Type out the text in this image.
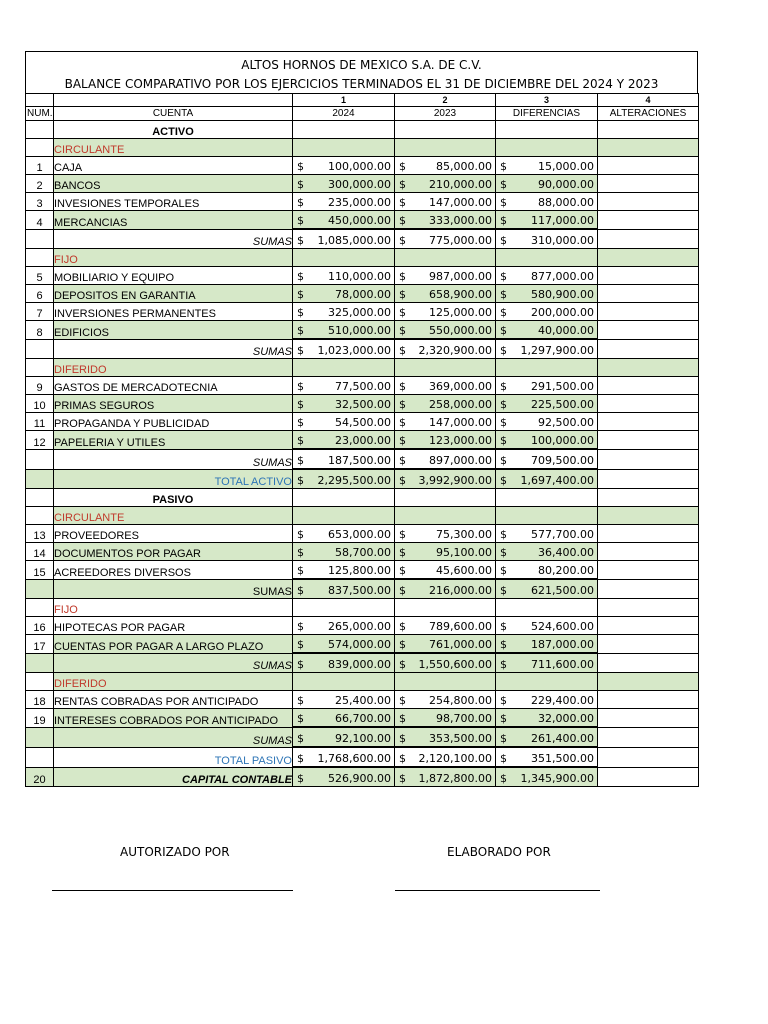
ALTOS HORNOS DE MEXICO S.A. DE C.V.
BALANCE COMPARATIVO POR LOS EJERCICIOS TERMINADOS EL 31 DE DICIEMBRE DEL 2024 Y 2023
		1	2	3	4
NUM.	CUENTA	2024	2023	DIFERENCIAS	ALTERACIONES
	ACTIVO				
	CIRCULANTE				
1	CAJA	$ 100,000.00	$ 85,000.00	$ 15,000.00	

2	BANCOS	$ 300,000.00	$ 210,000.00	$ 90,000.00	

3	INVESIONES TEMPORALES	$ 235,000.00	$ 147,000.00	$ 88,000.00	

4	MERCANCIAS	$ 450,000.00	$ 333,000.00	$ 117,000.00	

	SUMAS	$ 1,085,000.00	$ 775,000.00	$ 310,000.00	

	FIJO				
5	MOBILIARIO Y EQUIPO	$ 110,000.00	$ 987,000.00	$ 877,000.00	

6	DEPOSITOS EN GARANTIA	$ 78,000.00	$ 658,900.00	$ 580,900.00	

7	INVERSIONES PERMANENTES	$ 325,000.00	$ 125,000.00	$ 200,000.00	

8	EDIFICIOS	$ 510,000.00	$ 550,000.00	$ 40,000.00	

	SUMAS	$ 1,023,000.00	$ 2,320,900.00	$ 1,297,900.00	

	DIFERIDO				
9	GASTOS DE MERCADOTECNIA	$ 77,500.00	$ 369,000.00	$ 291,500.00	

10	PRIMAS SEGUROS	$ 32,500.00	$ 258,000.00	$ 225,500.00	

11	PROPAGANDA Y PUBLICIDAD	$ 54,500.00	$ 147,000.00	$ 92,500.00	

12	PAPELERIA Y UTILES	$ 23,000.00	$ 123,000.00	$ 100,000.00	

	SUMAS	$ 187,500.00	$ 897,000.00	$ 709,500.00	

	TOTAL ACTIVO	$ 2,295,500.00	$ 3,992,900.00	$ 1,697,400.00	

	PASIVO				
	CIRCULANTE				
13	PROVEEDORES	$ 653,000.00	$ 75,300.00	$ 577,700.00	

14	DOCUMENTOS POR PAGAR	$ 58,700.00	$ 95,100.00	$ 36,400.00	

15	ACREEDORES DIVERSOS	$ 125,800.00	$ 45,600.00	$ 80,200.00	

	SUMAS	$ 837,500.00	$ 216,000.00	$ 621,500.00	

	FIJO				
16	HIPOTECAS POR PAGAR	$ 265,000.00	$ 789,600.00	$ 524,600.00	

17	CUENTAS POR PAGAR A LARGO PLAZO	$ 574,000.00	$ 761,000.00	$ 187,000.00	

	SUMAS	$ 839,000.00	$ 1,550,600.00	$ 711,600.00	

	DIFERIDO				
18	RENTAS COBRADAS POR ANTICIPADO	$ 25,400.00	$ 254,800.00	$ 229,400.00	

19	INTERESES COBRADOS POR ANTICIPADO	$ 66,700.00	$ 98,700.00	$ 32,000.00	

	SUMAS	$ 92,100.00	$ 353,500.00	$ 261,400.00	

	TOTAL PASIVO	$ 1,768,600.00	$ 2,120,100.00	$ 351,500.00	

20	CAPITAL CONTABLE	$ 526,900.00	$ 1,872,800.00	$ 1,345,900.00	

AUTORIZADO POR	ELABORADO POR
